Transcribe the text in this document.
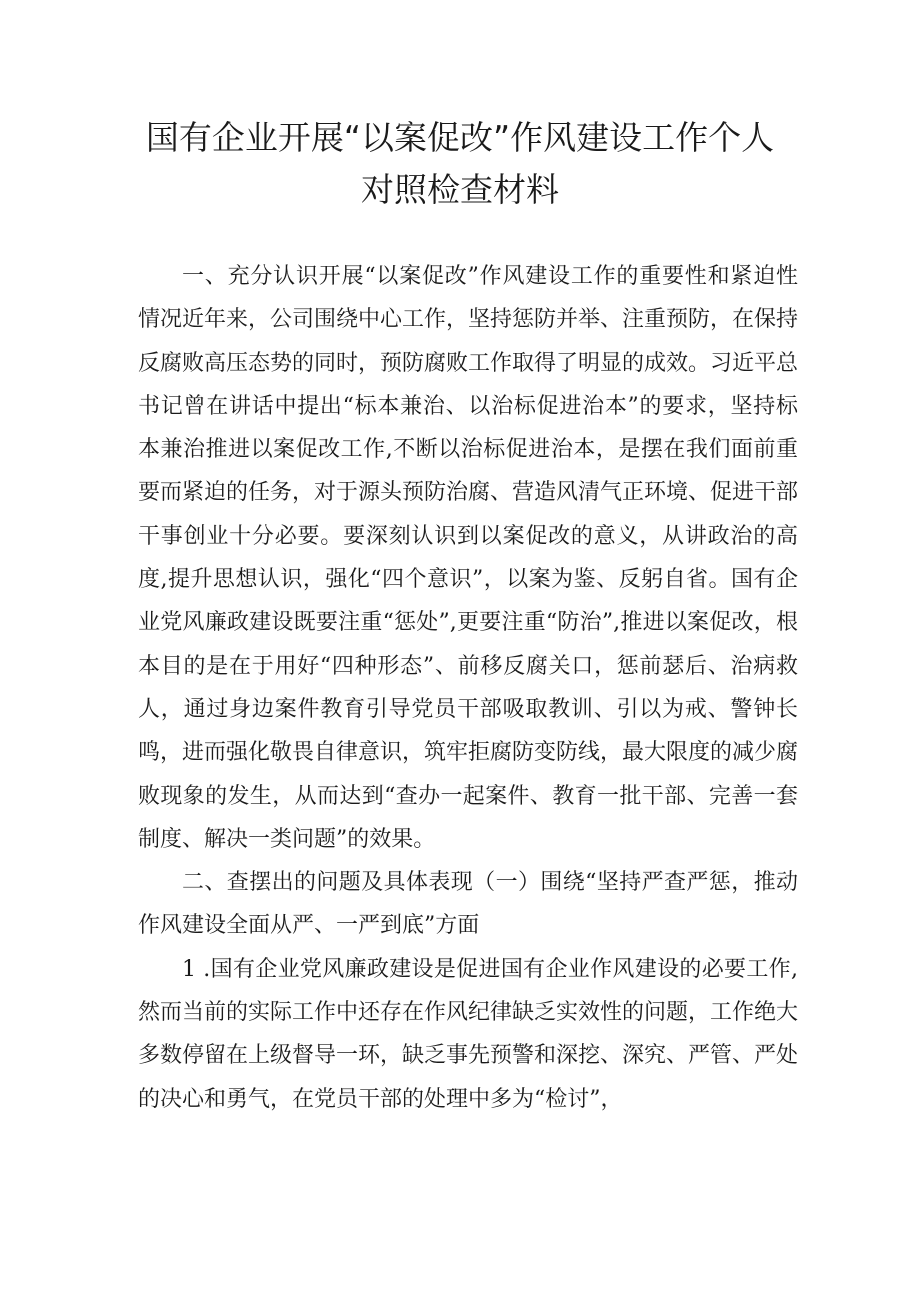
国有企业开展“以案促改”作风建设工作个人对照检查材料

一、充分认识开展“以案促改”作风建设工作的重要性和紧迫性情况近年来，公司围绕中心工作，坚持惩防并举、注重预防，在保持反腐败高压态势的同时，预防腐败工作取得了明显的成效。习近平总书记曾在讲话中提出“标本兼治、以治标促进治本”的要求，坚持标本兼治推进以案促改工作,不断以治标促进治本，是摆在我们面前重要而紧迫的任务，对于源头预防治腐、营造风清气正环境、促进干部干事创业十分必要。要深刻认识到以案促改的意义，从讲政治的高度,提升思想认识，强化“四个意识”，以案为鉴、反躬自省。国有企业党风廉政建设既要注重“惩处”,更要注重“防治”,推进以案促改，根本目的是在于用好“四种形态”、前移反腐关口，惩前瑟后、治病救人，通过身边案件教育引导党员干部吸取教训、引以为戒、警钟长鸣，进而强化敬畏自律意识，筑牢拒腐防变防线，最大限度的减少腐败现象的发生，从而达到“查办一起案件、教育一批干部、完善一套制度、解决一类问题”的效果。

二、查摆出的问题及具体表现（一）围绕“坚持严查严惩，推动作风建设全面从严、一严到底”方面

1 .国有企业党风廉政建设是促进国有企业作风建设的必要工作,然而当前的实际工作中还存在作风纪律缺乏实效性的问题，工作绝大多数停留在上级督导一环，缺乏事先预警和深挖、深究、严管、严处的决心和勇气，在党员干部的处理中多为“检讨”，
